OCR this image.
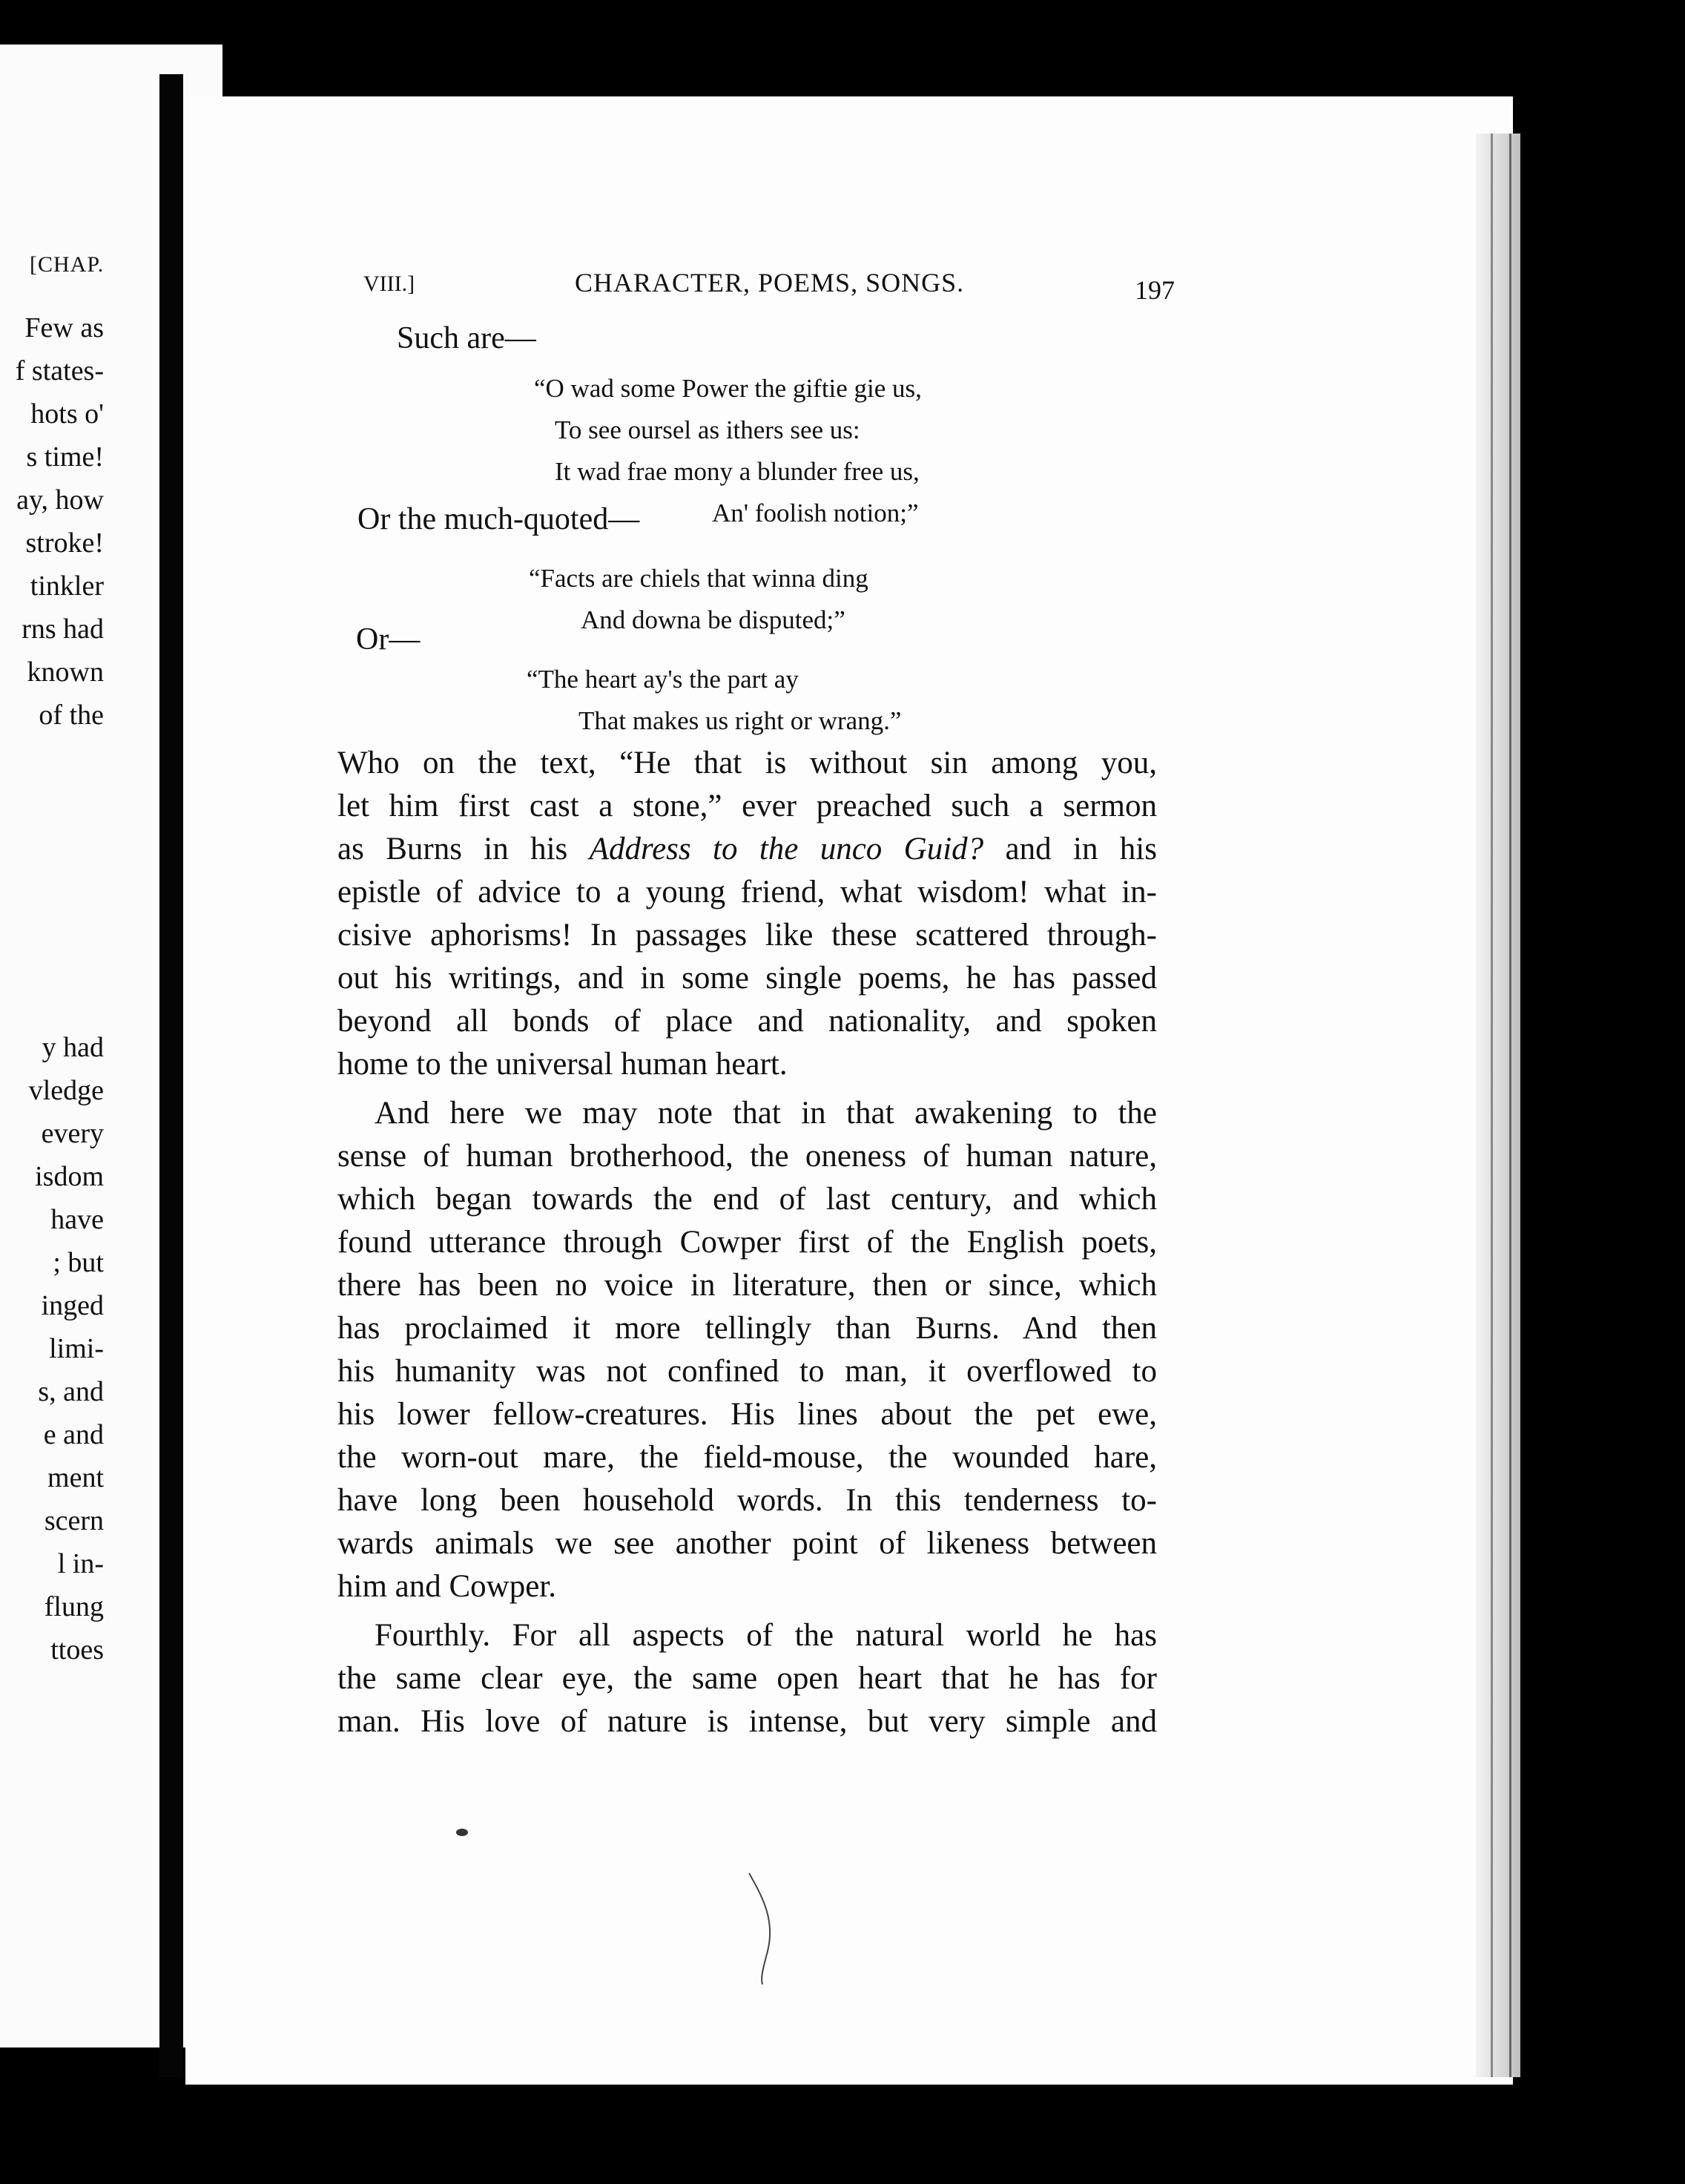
[CHAP.
Few as
f states-
hots o'
s time!
ay, how
stroke!
tinkler
rns had
known
of the
y had
vledge
every
isdom
have
; but
inged
limi-
s, and
e and
ment
scern
l in-
flung
ttoes
VIII.]	CHARACTER, POEMS, SONGS.	197
Such are—
“O wad some Power the giftie gie us,
To see oursel as ithers see us:
It wad frae mony a blunder free us,
An' foolish notion;”
Or the much-quoted—
“Facts are chiels that winna ding
And downa be disputed;”
Or—
“The heart ay's the part ay
That makes us right or wrang.”
Who on the text, “He that is without sin among you,
let him first cast a stone,” ever preached such a sermon
as Burns in his Address to the unco Guid? and in his
epistle of advice to a young friend, what wisdom! what in-
cisive aphorisms! In passages like these scattered through-
out his writings, and in some single poems, he has passed
beyond all bonds of place and nationality, and spoken
home to the universal human heart.
And here we may note that in that awakening to the
sense of human brotherhood, the oneness of human nature,
which began towards the end of last century, and which
found utterance through Cowper first of the English poets,
there has been no voice in literature, then or since, which
has proclaimed it more tellingly than Burns. And then
his humanity was not confined to man, it overflowed to
his lower fellow-creatures. His lines about the pet ewe,
the worn-out mare, the field-mouse, the wounded hare,
have long been household words. In this tenderness to-
wards animals we see another point of likeness between
him and Cowper.
Fourthly. For all aspects of the natural world he has
the same clear eye, the same open heart that he has for
man. His love of nature is intense, but very simple and
